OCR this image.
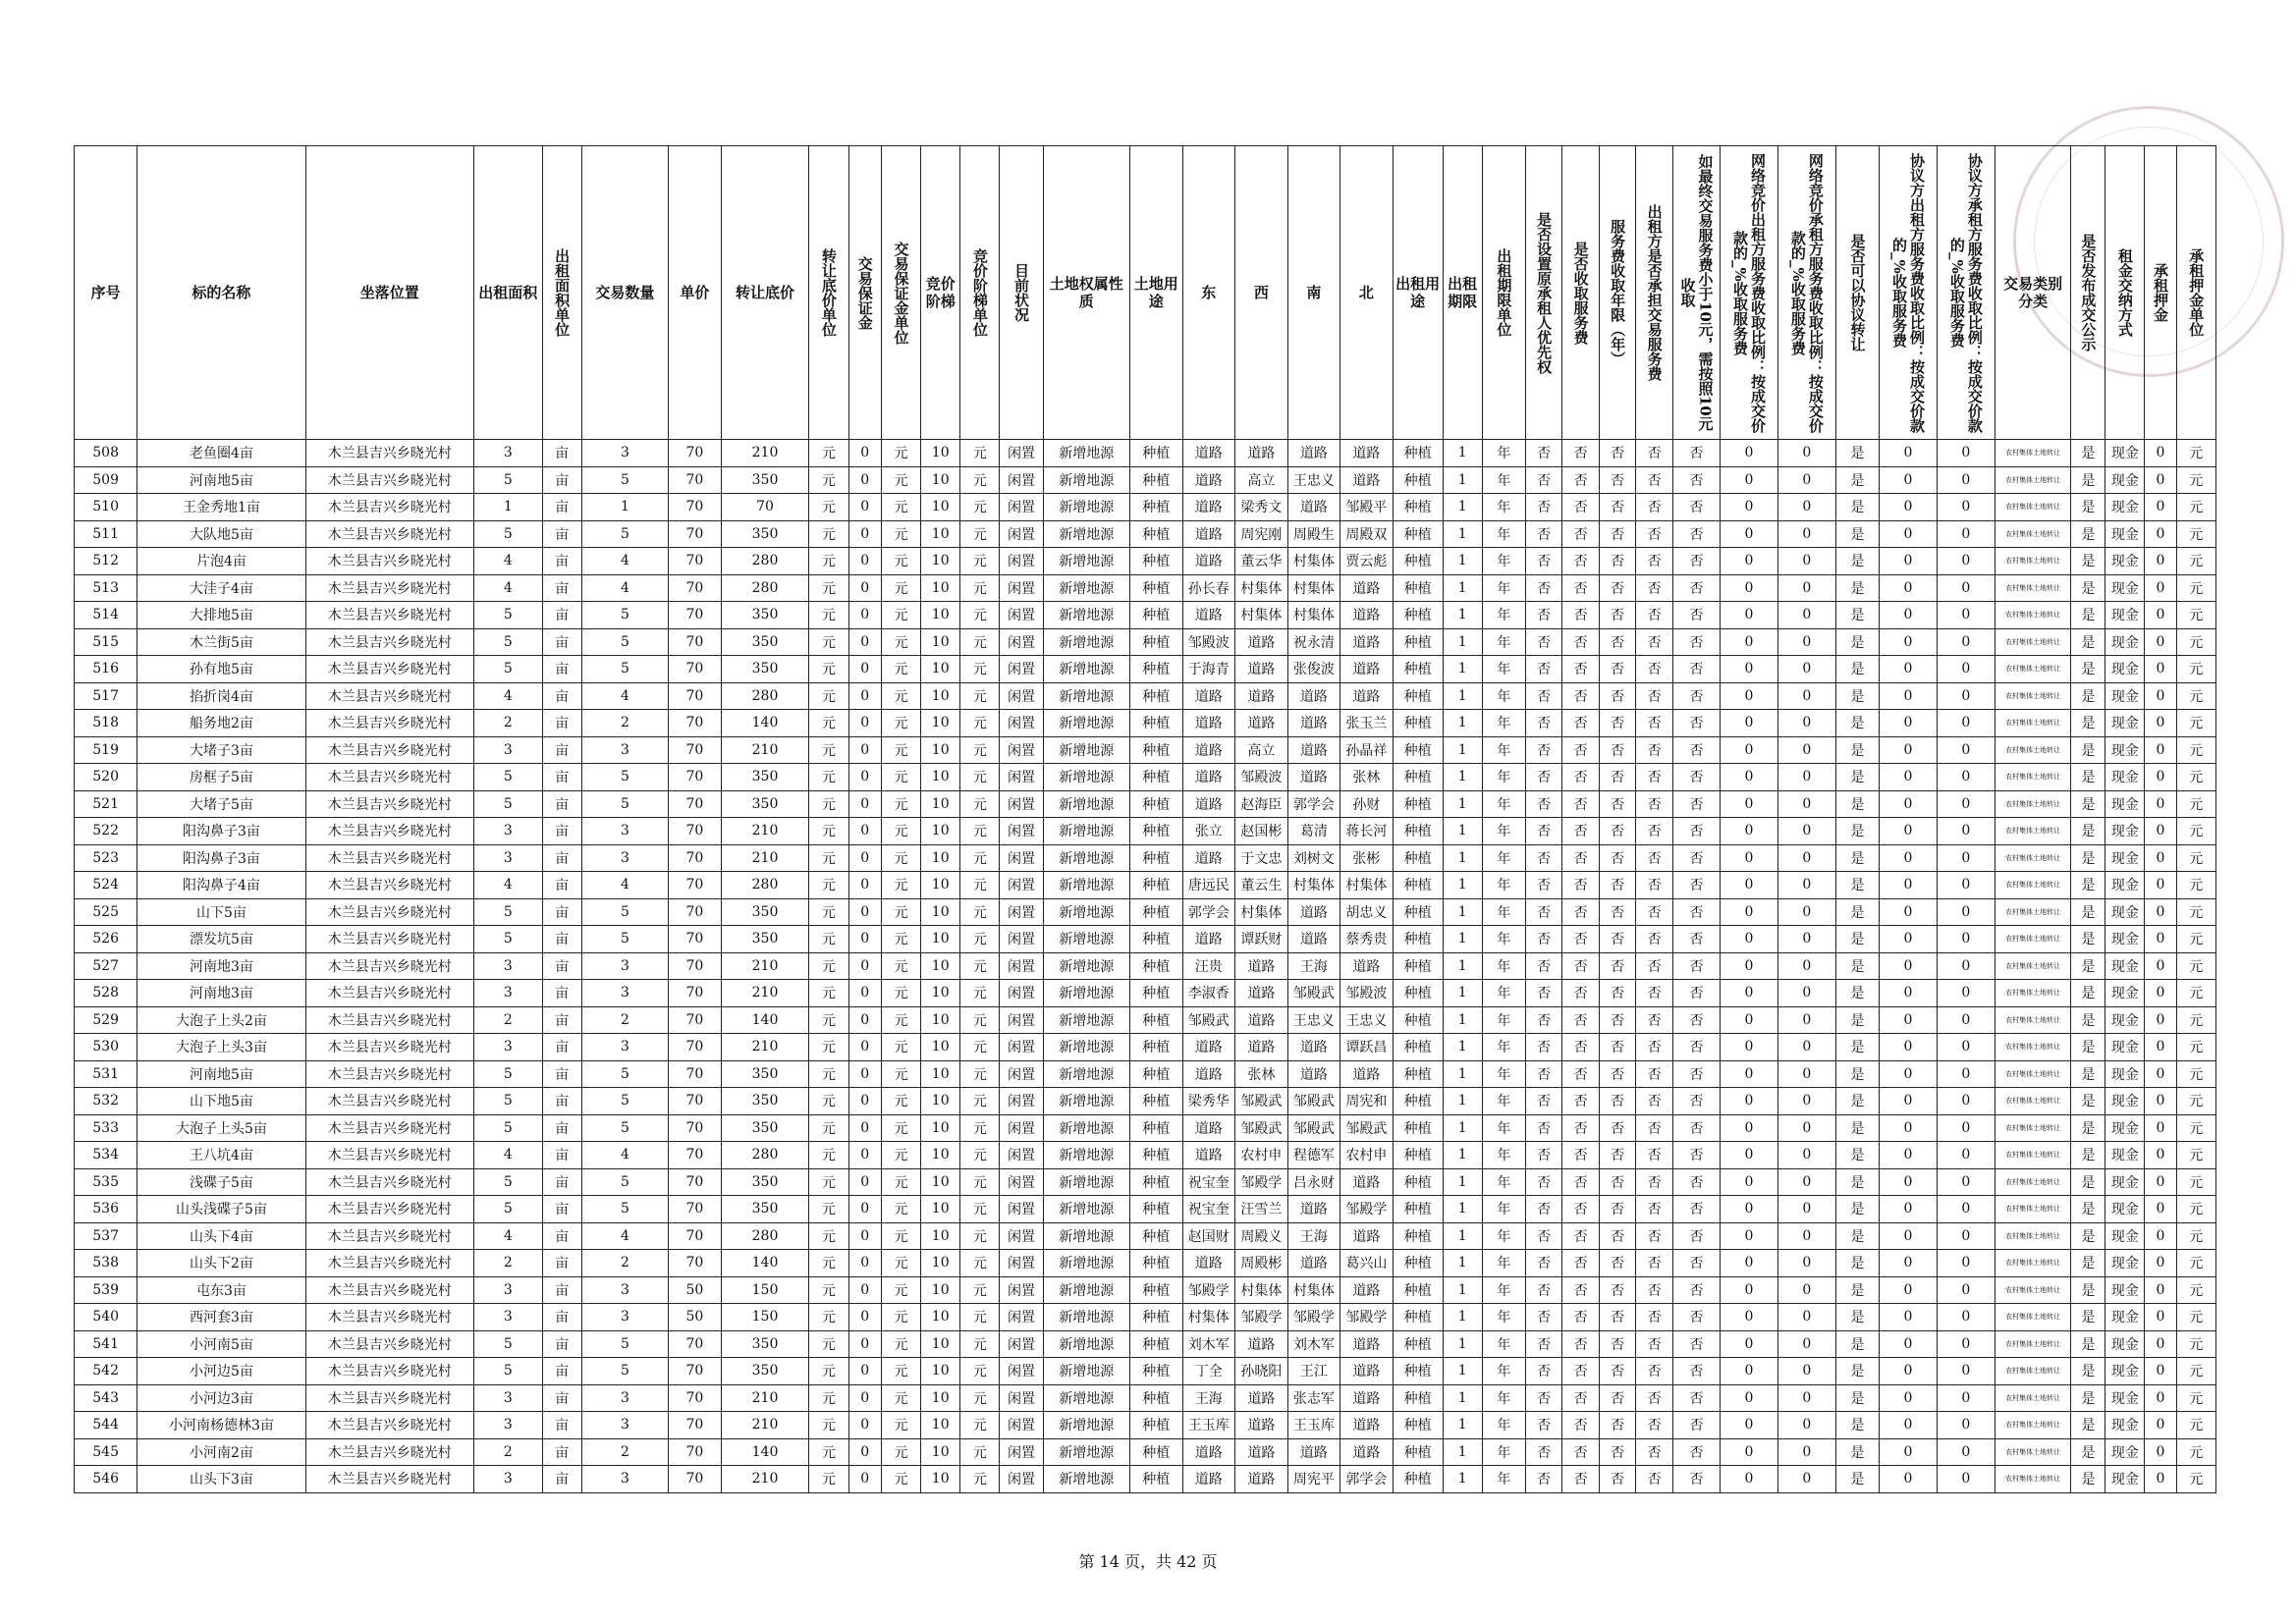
序号	标的名称	坐落位置	出租面积	出租面积单位	交易数量	单价	转让底价	转让底价单位	交易保证金	交易保证金单位	竞价阶梯	竞价阶梯单位	目前状况	土地权属性质	土地用途	东	西	南	北	出租用途	出租期限	出租期限单位	是否设置原承租人优先权	是否收取服务费	服务费收取年限（年）	出租方是否承担交易服务费	如最终交易服务费小于10元，需按照10元收取	网络竞价出租方服务费收取比例：按成交价款的_%收取服务费	网络竞价承租方服务费收取比例：按成交价款的_%收取服务费	是否可以协议转让	协议方出租方服务费收取比例：按成交价款的_%收取服务费	协议方承租方服务费收取比例：按成交价款的_%收取服务费	交易类别分类	是否发布成交公示	租金交纳方式	承租押金	承租押金单位
508	老鱼圈4亩	木兰县吉兴乡晓光村	3	亩	3	70	210	元	0	元	10	元	闲置	新增地源	种植	道路	道路	道路	道路	种植	1	年	否	否	否	否	否	0	0	是	0	0	农村集体土地转让	是	现金	0	元
509	河南地5亩	木兰县吉兴乡晓光村	5	亩	5	70	350	元	0	元	10	元	闲置	新增地源	种植	道路	高立	王忠义	道路	种植	1	年	否	否	否	否	否	0	0	是	0	0	农村集体土地转让	是	现金	0	元
510	王金秀地1亩	木兰县吉兴乡晓光村	1	亩	1	70	70	元	0	元	10	元	闲置	新增地源	种植	道路	梁秀文	道路	邹殿平	种植	1	年	否	否	否	否	否	0	0	是	0	0	农村集体土地转让	是	现金	0	元
511	大队地5亩	木兰县吉兴乡晓光村	5	亩	5	70	350	元	0	元	10	元	闲置	新增地源	种植	道路	周宪刚	周殿生	周殿双	种植	1	年	否	否	否	否	否	0	0	是	0	0	农村集体土地转让	是	现金	0	元
512	片泡4亩	木兰县吉兴乡晓光村	4	亩	4	70	280	元	0	元	10	元	闲置	新增地源	种植	道路	董云华	村集体	贾云彪	种植	1	年	否	否	否	否	否	0	0	是	0	0	农村集体土地转让	是	现金	0	元
513	大洼子4亩	木兰县吉兴乡晓光村	4	亩	4	70	280	元	0	元	10	元	闲置	新增地源	种植	孙长春	村集体	村集体	道路	种植	1	年	否	否	否	否	否	0	0	是	0	0	农村集体土地转让	是	现金	0	元
514	大排地5亩	木兰县吉兴乡晓光村	5	亩	5	70	350	元	0	元	10	元	闲置	新增地源	种植	道路	村集体	村集体	道路	种植	1	年	否	否	否	否	否	0	0	是	0	0	农村集体土地转让	是	现金	0	元
515	木兰街5亩	木兰县吉兴乡晓光村	5	亩	5	70	350	元	0	元	10	元	闲置	新增地源	种植	邹殿波	道路	祝永清	道路	种植	1	年	否	否	否	否	否	0	0	是	0	0	农村集体土地转让	是	现金	0	元
516	孙有地5亩	木兰县吉兴乡晓光村	5	亩	5	70	350	元	0	元	10	元	闲置	新增地源	种植	于海青	道路	张俊波	道路	种植	1	年	否	否	否	否	否	0	0	是	0	0	农村集体土地转让	是	现金	0	元
517	掐折岗4亩	木兰县吉兴乡晓光村	4	亩	4	70	280	元	0	元	10	元	闲置	新增地源	种植	道路	道路	道路	道路	种植	1	年	否	否	否	否	否	0	0	是	0	0	农村集体土地转让	是	现金	0	元
518	船务地2亩	木兰县吉兴乡晓光村	2	亩	2	70	140	元	0	元	10	元	闲置	新增地源	种植	道路	道路	道路	张玉兰	种植	1	年	否	否	否	否	否	0	0	是	0	0	农村集体土地转让	是	现金	0	元
519	大堵子3亩	木兰县吉兴乡晓光村	3	亩	3	70	210	元	0	元	10	元	闲置	新增地源	种植	道路	高立	道路	孙晶祥	种植	1	年	否	否	否	否	否	0	0	是	0	0	农村集体土地转让	是	现金	0	元
520	房框子5亩	木兰县吉兴乡晓光村	5	亩	5	70	350	元	0	元	10	元	闲置	新增地源	种植	道路	邹殿波	道路	张林	种植	1	年	否	否	否	否	否	0	0	是	0	0	农村集体土地转让	是	现金	0	元
521	大堵子5亩	木兰县吉兴乡晓光村	5	亩	5	70	350	元	0	元	10	元	闲置	新增地源	种植	道路	赵海臣	郭学会	孙财	种植	1	年	否	否	否	否	否	0	0	是	0	0	农村集体土地转让	是	现金	0	元
522	阳沟鼻子3亩	木兰县吉兴乡晓光村	3	亩	3	70	210	元	0	元	10	元	闲置	新增地源	种植	张立	赵国彬	葛清	蒋长河	种植	1	年	否	否	否	否	否	0	0	是	0	0	农村集体土地转让	是	现金	0	元
523	阳沟鼻子3亩	木兰县吉兴乡晓光村	3	亩	3	70	210	元	0	元	10	元	闲置	新增地源	种植	道路	于文忠	刘树文	张彬	种植	1	年	否	否	否	否	否	0	0	是	0	0	农村集体土地转让	是	现金	0	元
524	阳沟鼻子4亩	木兰县吉兴乡晓光村	4	亩	4	70	280	元	0	元	10	元	闲置	新增地源	种植	唐远民	董云生	村集体	村集体	种植	1	年	否	否	否	否	否	0	0	是	0	0	农村集体土地转让	是	现金	0	元
525	山下5亩	木兰县吉兴乡晓光村	5	亩	5	70	350	元	0	元	10	元	闲置	新增地源	种植	郭学会	村集体	道路	胡忠义	种植	1	年	否	否	否	否	否	0	0	是	0	0	农村集体土地转让	是	现金	0	元
526	漂发坑5亩	木兰县吉兴乡晓光村	5	亩	5	70	350	元	0	元	10	元	闲置	新增地源	种植	道路	谭跃财	道路	蔡秀贵	种植	1	年	否	否	否	否	否	0	0	是	0	0	农村集体土地转让	是	现金	0	元
527	河南地3亩	木兰县吉兴乡晓光村	3	亩	3	70	210	元	0	元	10	元	闲置	新增地源	种植	汪贵	道路	王海	道路	种植	1	年	否	否	否	否	否	0	0	是	0	0	农村集体土地转让	是	现金	0	元
528	河南地3亩	木兰县吉兴乡晓光村	3	亩	3	70	210	元	0	元	10	元	闲置	新增地源	种植	李淑香	道路	邹殿武	邹殿波	种植	1	年	否	否	否	否	否	0	0	是	0	0	农村集体土地转让	是	现金	0	元
529	大泡子上头2亩	木兰县吉兴乡晓光村	2	亩	2	70	140	元	0	元	10	元	闲置	新增地源	种植	邹殿武	道路	王忠义	王忠义	种植	1	年	否	否	否	否	否	0	0	是	0	0	农村集体土地转让	是	现金	0	元
530	大泡子上头3亩	木兰县吉兴乡晓光村	3	亩	3	70	210	元	0	元	10	元	闲置	新增地源	种植	道路	道路	道路	谭跃昌	种植	1	年	否	否	否	否	否	0	0	是	0	0	农村集体土地转让	是	现金	0	元
531	河南地5亩	木兰县吉兴乡晓光村	5	亩	5	70	350	元	0	元	10	元	闲置	新增地源	种植	道路	张林	道路	道路	种植	1	年	否	否	否	否	否	0	0	是	0	0	农村集体土地转让	是	现金	0	元
532	山下地5亩	木兰县吉兴乡晓光村	5	亩	5	70	350	元	0	元	10	元	闲置	新增地源	种植	梁秀华	邹殿武	邹殿武	周宪和	种植	1	年	否	否	否	否	否	0	0	是	0	0	农村集体土地转让	是	现金	0	元
533	大泡子上头5亩	木兰县吉兴乡晓光村	5	亩	5	70	350	元	0	元	10	元	闲置	新增地源	种植	道路	邹殿武	邹殿武	邹殿武	种植	1	年	否	否	否	否	否	0	0	是	0	0	农村集体土地转让	是	现金	0	元
534	王八坑4亩	木兰县吉兴乡晓光村	4	亩	4	70	280	元	0	元	10	元	闲置	新增地源	种植	道路	农村申	程德军	农村申	种植	1	年	否	否	否	否	否	0	0	是	0	0	农村集体土地转让	是	现金	0	元
535	浅碟子5亩	木兰县吉兴乡晓光村	5	亩	5	70	350	元	0	元	10	元	闲置	新增地源	种植	祝宝奎	邹殿学	吕永财	道路	种植	1	年	否	否	否	否	否	0	0	是	0	0	农村集体土地转让	是	现金	0	元
536	山头浅碟子5亩	木兰县吉兴乡晓光村	5	亩	5	70	350	元	0	元	10	元	闲置	新增地源	种植	祝宝奎	汪雪兰	道路	邹殿学	种植	1	年	否	否	否	否	否	0	0	是	0	0	农村集体土地转让	是	现金	0	元
537	山头下4亩	木兰县吉兴乡晓光村	4	亩	4	70	280	元	0	元	10	元	闲置	新增地源	种植	赵国财	周殿义	王海	道路	种植	1	年	否	否	否	否	否	0	0	是	0	0	农村集体土地转让	是	现金	0	元
538	山头下2亩	木兰县吉兴乡晓光村	2	亩	2	70	140	元	0	元	10	元	闲置	新增地源	种植	道路	周殿彬	道路	葛兴山	种植	1	年	否	否	否	否	否	0	0	是	0	0	农村集体土地转让	是	现金	0	元
539	屯东3亩	木兰县吉兴乡晓光村	3	亩	3	50	150	元	0	元	10	元	闲置	新增地源	种植	邹殿学	村集体	村集体	道路	种植	1	年	否	否	否	否	否	0	0	是	0	0	农村集体土地转让	是	现金	0	元
540	西河套3亩	木兰县吉兴乡晓光村	3	亩	3	50	150	元	0	元	10	元	闲置	新增地源	种植	村集体	邹殿学	邹殿学	邹殿学	种植	1	年	否	否	否	否	否	0	0	是	0	0	农村集体土地转让	是	现金	0	元
541	小河南5亩	木兰县吉兴乡晓光村	5	亩	5	70	350	元	0	元	10	元	闲置	新增地源	种植	刘木军	道路	刘木军	道路	种植	1	年	否	否	否	否	否	0	0	是	0	0	农村集体土地转让	是	现金	0	元
542	小河边5亩	木兰县吉兴乡晓光村	5	亩	5	70	350	元	0	元	10	元	闲置	新增地源	种植	丁全	孙晓阳	王江	道路	种植	1	年	否	否	否	否	否	0	0	是	0	0	农村集体土地转让	是	现金	0	元
543	小河边3亩	木兰县吉兴乡晓光村	3	亩	3	70	210	元	0	元	10	元	闲置	新增地源	种植	王海	道路	张志军	道路	种植	1	年	否	否	否	否	否	0	0	是	0	0	农村集体土地转让	是	现金	0	元
544	小河南杨德林3亩	木兰县吉兴乡晓光村	3	亩	3	70	210	元	0	元	10	元	闲置	新增地源	种植	王玉库	道路	王玉库	道路	种植	1	年	否	否	否	否	否	0	0	是	0	0	农村集体土地转让	是	现金	0	元
545	小河南2亩	木兰县吉兴乡晓光村	2	亩	2	70	140	元	0	元	10	元	闲置	新增地源	种植	道路	道路	道路	道路	种植	1	年	否	否	否	否	否	0	0	是	0	0	农村集体土地转让	是	现金	0	元
546	山头下3亩	木兰县吉兴乡晓光村	3	亩	3	70	210	元	0	元	10	元	闲置	新增地源	种植	道路	道路	周宪平	郭学会	种植	1	年	否	否	否	否	否	0	0	是	0	0	农村集体土地转让	是	现金	0	元
第 14 页，共 42 页
